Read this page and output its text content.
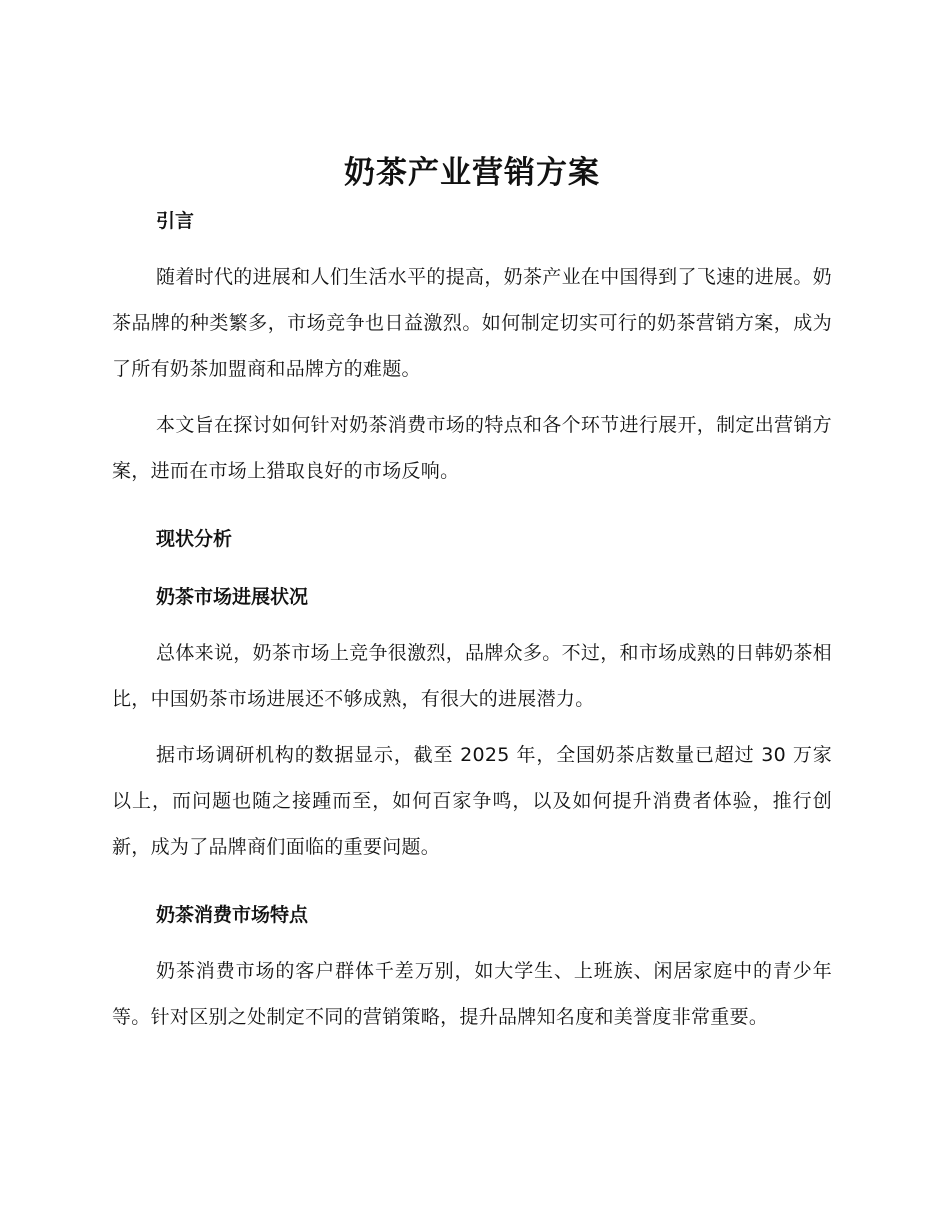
奶茶产业营销方案
引言

随着时代的进展和人们生活水平的提高，奶茶产业在中国得到了飞速的进展。奶茶品牌的种类繁多，市场竞争也日益激烈。如何制定切实可行的奶茶营销方案，成为了所有奶茶加盟商和品牌方的难题。

本文旨在探讨如何针对奶茶消费市场的特点和各个环节进行展开，制定出营销方案，进而在市场上猎取良好的市场反响。

现状分析
奶茶市场进展状况

总体来说，奶茶市场上竞争很激烈，品牌众多。不过，和市场成熟的日韩奶茶相比，中国奶茶市场进展还不够成熟，有很大的进展潜力。

据市场调研机构的数据显示，截至 2025 年，全国奶茶店数量已超过 30 万家以上，而问题也随之接踵而至，如何百家争鸣，以及如何提升消费者体验，推行创新，成为了品牌商们面临的重要问题。

奶茶消费市场特点

奶茶消费市场的客户群体千差万别，如大学生、上班族、闲居家庭中的青少年等。针对区别之处制定不同的营销策略，提升品牌知名度和美誉度非常重要。
